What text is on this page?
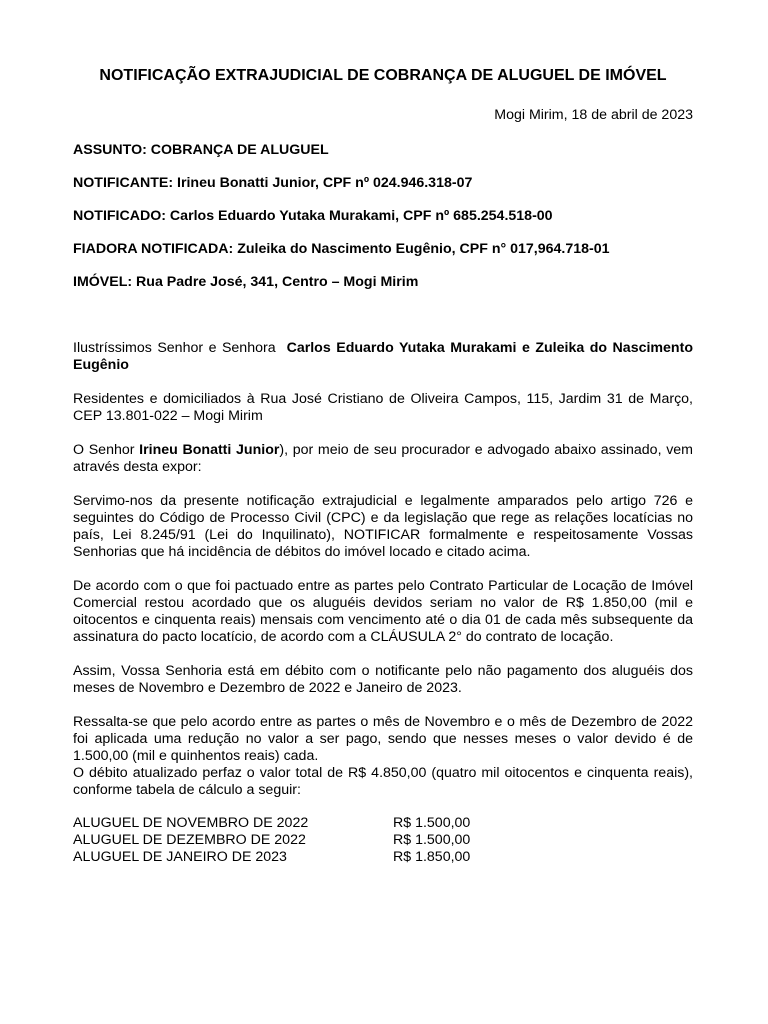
NOTIFICAÇÃO EXTRAJUDICIAL DE COBRANÇA DE ALUGUEL DE IMÓVEL
Mogi Mirim, 18 de abril de 2023
ASSUNTO: COBRANÇA DE ALUGUEL
NOTIFICANTE: Irineu Bonatti Junior, CPF nº 024.946.318-07
NOTIFICADO: Carlos Eduardo Yutaka Murakami, CPF nº 685.254.518-00
FIADORA NOTIFICADA: Zuleika do Nascimento Eugênio, CPF n° 017,964.718-01
IMÓVEL: Rua Padre José, 341, Centro – Mogi Mirim

Ilustríssimos Senhor e Senhora  Carlos Eduardo Yutaka Murakami e Zuleika do Nascimento Eugênio

Residentes e domiciliados à Rua José Cristiano de Oliveira Campos, 115, Jardim 31 de Março, CEP 13.801-022 – Mogi Mirim

O Senhor Irineu Bonatti Junior), por meio de seu procurador e advogado abaixo assinado, vem através desta expor:

Servimo-nos da presente notificação extrajudicial e legalmente amparados pelo artigo 726 e seguintes do Código de Processo Civil (CPC) e da legislação que rege as relações locatícias no país, Lei 8.245/91 (Lei do Inquilinato), NOTIFICAR formalmente e respeitosamente Vossas Senhorias que há incidência de débitos do imóvel locado e citado acima.

De acordo com o que foi pactuado entre as partes pelo Contrato Particular de Locação de Imóvel Comercial restou acordado que os aluguéis devidos seriam no valor de R$ 1.850,00 (mil e oitocentos e cinquenta reais) mensais com vencimento até o dia 01 de cada mês subsequente da assinatura do pacto locatício, de acordo com a CLÁUSULA 2° do contrato de locação.

Assim, Vossa Senhoria está em débito com o notificante pelo não pagamento dos aluguéis dos meses de Novembro e Dezembro de 2022 e Janeiro de 2023.

Ressalta-se que pelo acordo entre as partes o mês de Novembro e o mês de Dezembro de 2022 foi aplicada uma redução no valor a ser pago, sendo que nesses meses o valor devido é de 1.500,00 (mil e quinhentos reais) cada.

O débito atualizado perfaz o valor total de R$ 4.850,00 (quatro mil oitocentos e cinquenta reais), conforme tabela de cálculo a seguir:

ALUGUEL DE NOVEMBRO DE 2022	R$ 1.500,00
ALUGUEL DE DEZEMBRO DE 2022	R$ 1.500,00
ALUGUEL DE JANEIRO DE 2023	R$ 1.850,00
